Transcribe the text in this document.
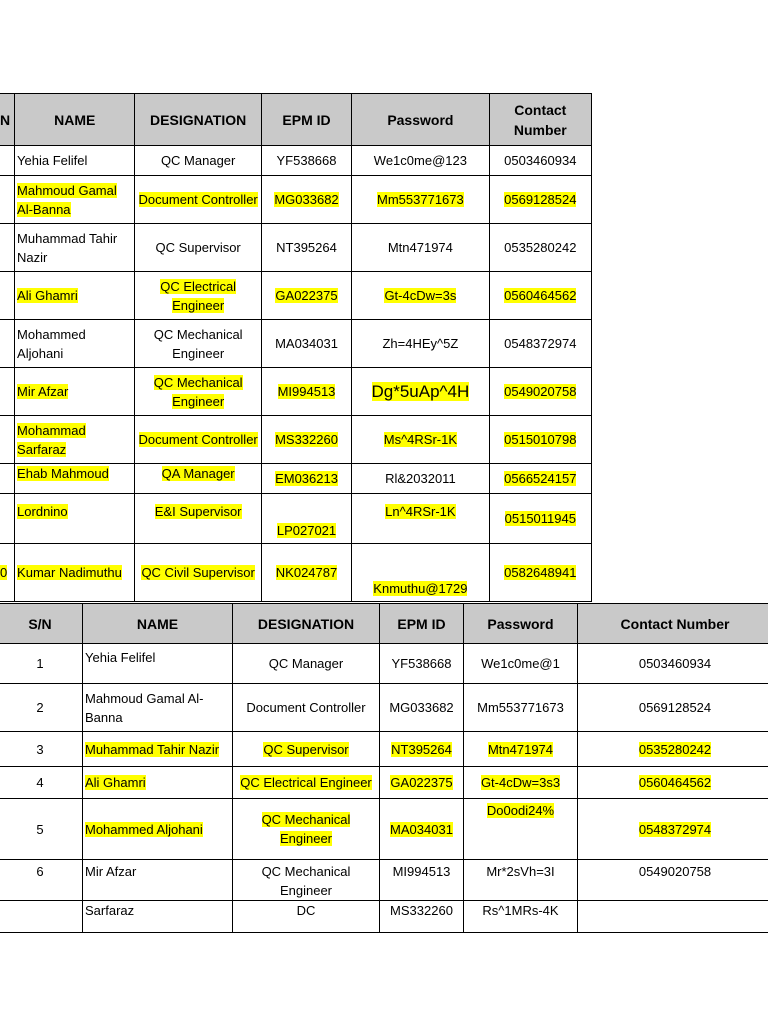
N	NAME	DESIGNATION	EPM ID	Password	Contact Number
	Yehia Felifel	QC Manager	YF538668	We1c0me@123	0503460934
	Mahmoud Gamal Al-Banna	Document Controller	MG033682	Mm553771673	0569128524
	Muhammad Tahir Nazir	QC Supervisor	NT395264	Mtn471974	0535280242
	Ali Ghamri	QC Electrical Engineer	GA022375	Gt-4cDw=3s	0560464562
	Mohammed Aljohani	QC Mechanical Engineer	MA034031	Zh=4HEy^5Z	0548372974
	Mir Afzar	QC Mechanical Engineer	MI994513	Dg*5uAp^4H	0549020758
	Mohammad Sarfaraz	Document Controller	MS332260	Ms^4RSr-1K	0515010798
	Ehab Mahmoud	QA Manager	EM036213	Rl&2032011	0566524157
	Lordnino	E&I Supervisor	LP027021	Ln^4RSr-1K	0515011945
0	Kumar Nadimuthu	QC Civil Supervisor	NK024787	Knmuthu@1729	0582648941
S/N	NAME	DESIGNATION	EPM ID	Password	Contact Number
1	Yehia Felifel	QC Manager	YF538668	We1c0me@1	0503460934
2	Mahmoud Gamal Al-Banna	Document Controller	MG033682	Mm553771673	0569128524
3	Muhammad Tahir Nazir	QC Supervisor	NT395264	Mtn471974	0535280242
4	Ali Ghamri	QC Electrical Engineer	GA022375	Gt-4cDw=3s3	0560464562
5	Mohammed Aljohani	QC Mechanical Engineer	MA034031	Do0odi24%	0548372974
6	Mir Afzar	QC Mechanical Engineer	MI994513	Mr*2sVh=3I	0549020758
	Sarfaraz	DC	MS332260	Rs^1MRs-4K	
